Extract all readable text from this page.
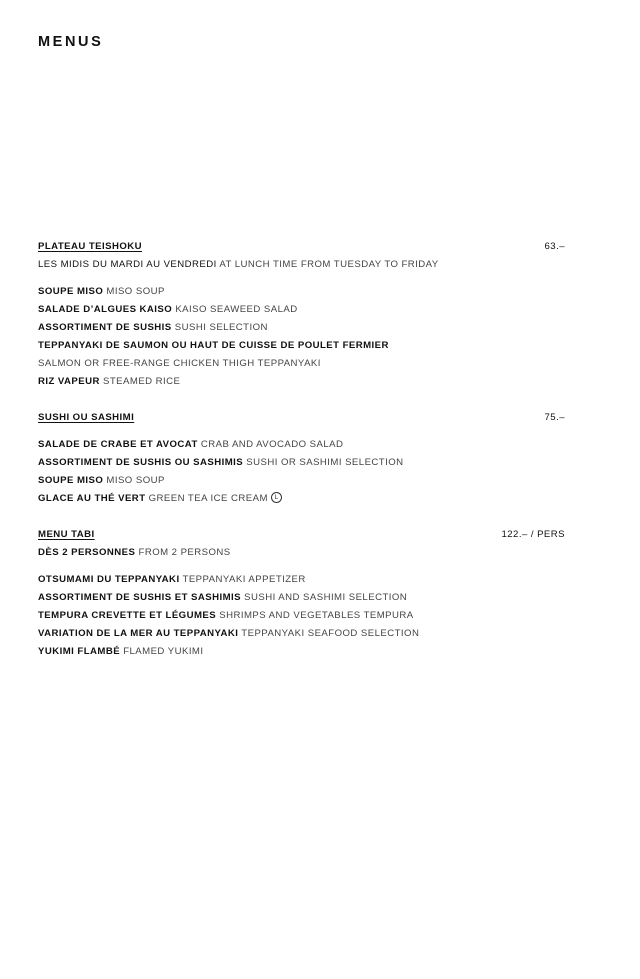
MENUS
PLATEAU TEISHOKU	63.–
LES MIDIS DU MARDI AU VENDREDI AT LUNCH TIME FROM TUESDAY TO FRIDAY
SOUPE MISO MISO SOUP
SALADE D’ALGUES KAISO KAISO SEAWEED SALAD
ASSORTIMENT DE SUSHIS SUSHI SELECTION
TEPPANYAKI DE SAUMON OU HAUT DE CUISSE DE POULET FERMIER
SALMON OR FREE-RANGE CHICKEN THIGH TEPPANYAKI
RIZ VAPEUR STEAMED RICE
SUSHI OU SASHIMI	75.–
SALADE DE CRABE ET AVOCAT CRAB AND AVOCADO SALAD
ASSORTIMENT DE SUSHIS OU SASHIMIS SUSHI OR SASHIMI SELECTION
SOUPE MISO MISO SOUP
GLACE AU THÉ VERT GREEN TEA ICE CREAM L
MENU TABI	122.– / PERS
DÈS 2 PERSONNES FROM 2 PERSONS
OTSUMAMI DU TEPPANYAKI TEPPANYAKI APPETIZER
ASSORTIMENT DE SUSHIS ET SASHIMIS SUSHI AND SASHIMI SELECTION
TEMPURA CREVETTE ET LÉGUMES SHRIMPS AND VEGETABLES TEMPURA
VARIATION DE LA MER AU TEPPANYAKI TEPPANYAKI SEAFOOD SELECTION
YUKIMI FLAMBÉ FLAMED YUKIMI
